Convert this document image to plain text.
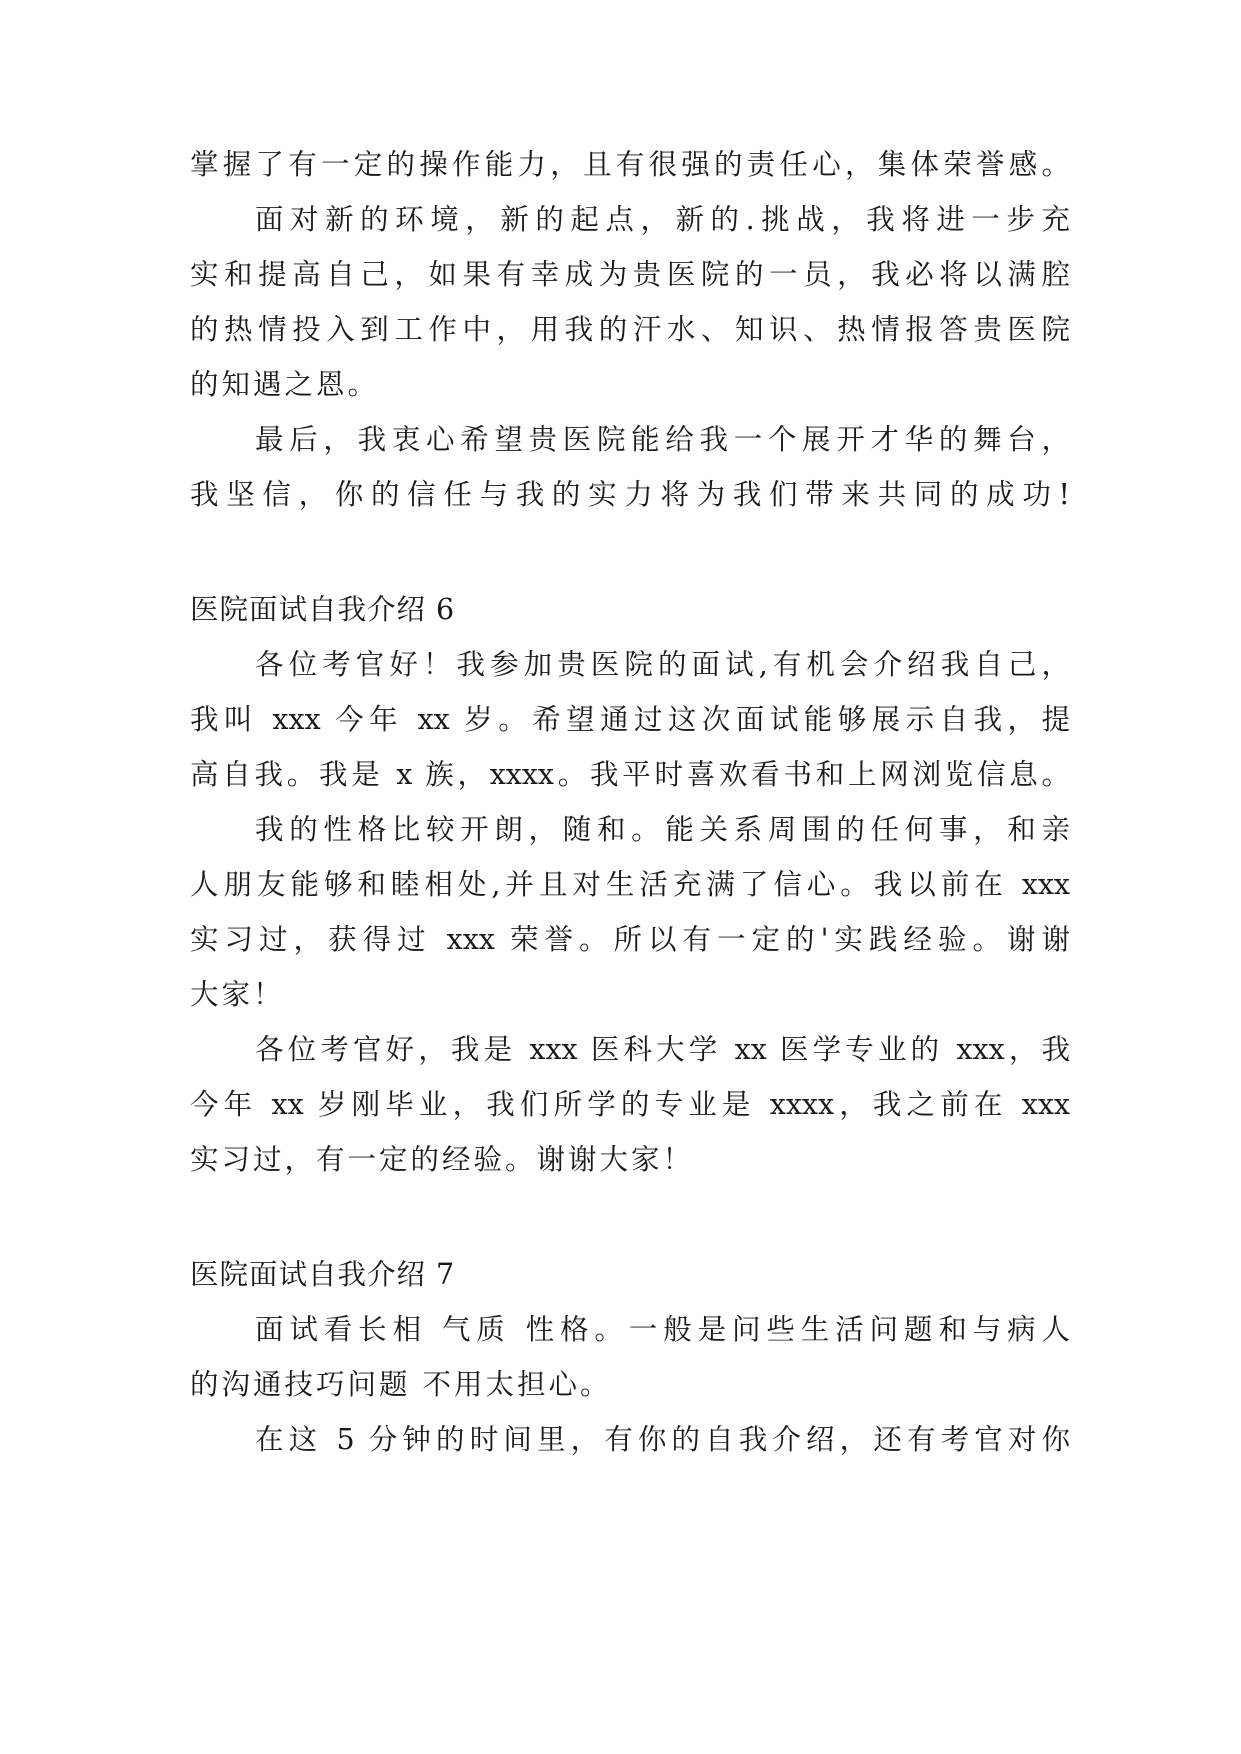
掌握了有一定的操作能力，且有很强的责任心，集体荣誉感。
面对新的环境，新的起点，新的.挑战，我将进一步充
实和提高自己，如果有幸成为贵医院的一员，我必将以满腔
的热情投入到工作中，用我的汗水、知识、热情报答贵医院
的知遇之恩。
最后，我衷心希望贵医院能给我一个展开才华的舞台，
我坚信，你的信任与我的实力将为我们带来共同的成功!
医院面试自我介绍 6
各位考官好！我参加贵医院的面试,有机会介绍我自己，
我叫 xxx 今年 xx 岁。希望通过这次面试能够展示自我，提
高自我。我是 x 族，xxxx。我平时喜欢看书和上网浏览信息。
我的性格比较开朗，随和。能关系周围的任何事，和亲
人朋友能够和睦相处,并且对生活充满了信心。我以前在 xxx
实习过，获得过 xxx 荣誉。所以有一定的'实践经验。谢谢
大家！
各位考官好，我是 xxx 医科大学 xx 医学专业的 xxx，我
今年 xx 岁刚毕业，我们所学的专业是 xxxx，我之前在 xxx
实习过，有一定的经验。谢谢大家！
医院面试自我介绍 7
面试看长相 气质 性格。一般是问些生活问题和与病人
的沟通技巧问题 不用太担心。
在这 5 分钟的时间里，有你的自我介绍，还有考官对你
